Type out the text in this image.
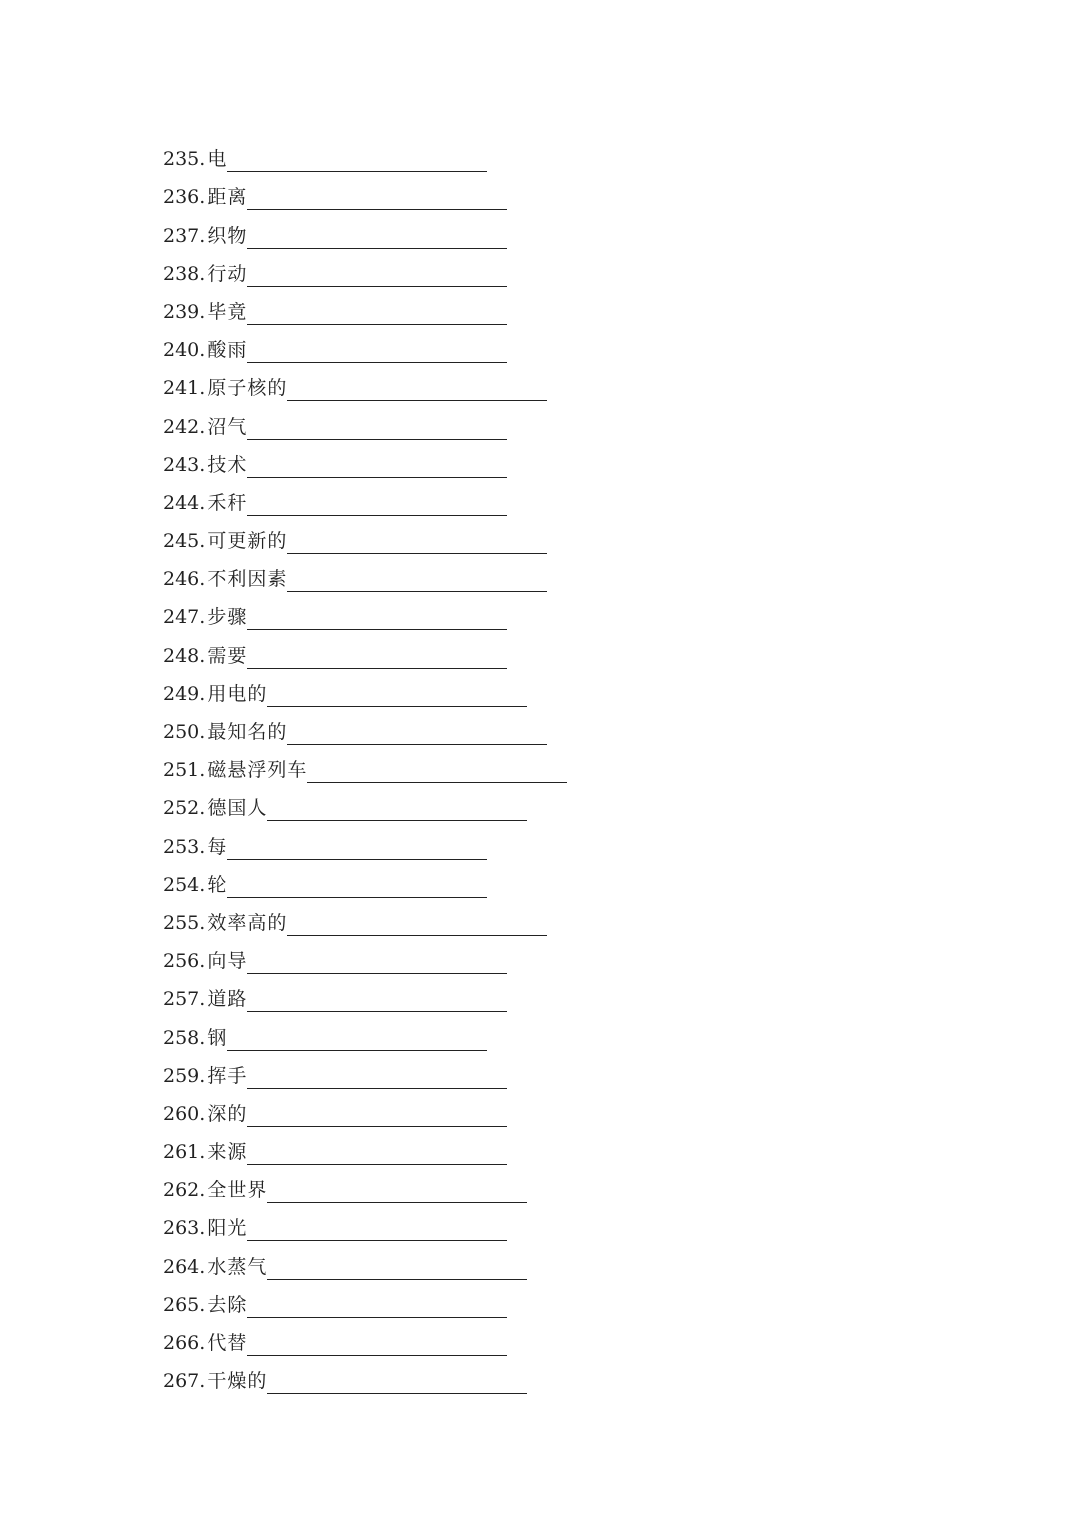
235. 电
236. 距离
237. 织物
238. 行动
239. 毕竟
240. 酸雨
241. 原子核的
242. 沼气
243. 技术
244. 禾秆
245. 可更新的
246. 不利因素
247. 步骤
248. 需要
249. 用电的
250. 最知名的
251. 磁悬浮列车
252. 德国人
253. 每
254. 轮
255. 效率高的
256. 向导
257. 道路
258. 钢
259. 挥手
260. 深的
261. 来源
262. 全世界
263. 阳光
264. 水蒸气
265. 去除
266. 代替
267. 干燥的
